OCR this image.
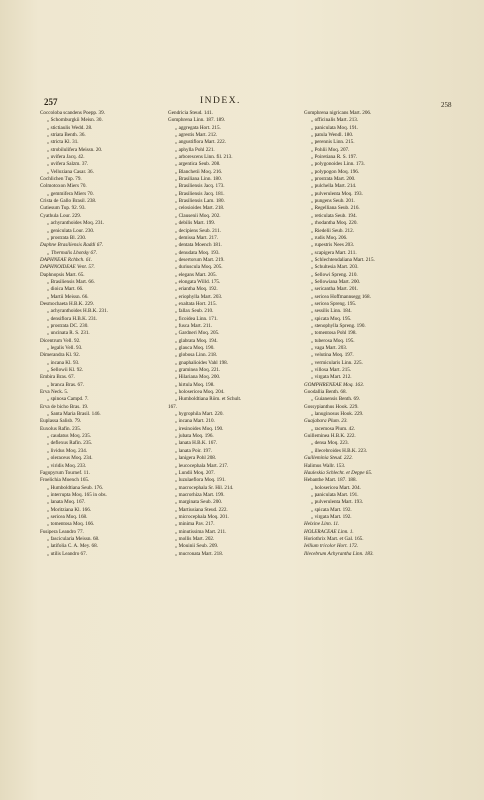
257	INDEX.	258
Coccoloba scandens Poepp. 39.
„ Schomburgkii Meisn. 30.
„ stictiaulis Wedd. 28.
„ striata Benth. 36.
„ stricta Kl. 31.
„ strobilulifera Meissn. 20.
„ uvifera Jacq. 42.
„ uvifera Salzm. 37.
„ Velloziana Casar. 36.
Cochlichen Tup. 79.
Colmotoxon Miers 70.
„ gemmifera Miers 70.
Crista de Gallo Brasil. 238.
Cutiesum Tup. 92. 93.
Cyathula Lour. 229.
„ achyranthoides Moq. 231.
„ geniculata Lour. 230.
„ prostrata Bl. 230.
Daphne Brasiliensis Raddi 67.
„ Thermalis Lhotsky 67.
DAPHNEAE Rchbch. 61.
DAPHNOIDEAE Vent. 57.
Daphnopsis Mart. 65.
„ Brasiliensis Mart. 66.
„ dioica Mart. 66.
„ Martii Meissn. 66.
Desmochaeta H.B.K. 229.
„ achyranthoides H.B.K. 231.
„ densiflora H.B.K. 231.
„ prostrata DC. 230.
„ uncinata R. S. 231.
Dicentrum Vell. 92.
„ legalis Vell. 93.
Dimerandra Kl. 92.
„ incana Kl. 93.
„ Sellowii Kl. 92.
Embira Bras. 67.
„ branca Bras. 67.
Erva Neck. 5.
„ spinosa Campd. 7.
Erva de bicho Bras. 19.
„ Santa Maria Brasil. 146.
Euplassa Salisb. 79.
Euxolus Rafin. 235.
„ caudatus Moq. 235.
„ deflexus Rafin. 235.
„ lividus Moq. 234.
„ oleraceus Moq. 234.
„ viridis Moq. 233.
Fagopyrum Tournef. 11.
Froelichia Moench 165.
„ Humboldtiana Seub. 176.
„ interrupta Moq. 165 in obs.
„ lanata Moq. 167.
„ Moritziana Kl. 166.
„ sericea Moq. 168.
„ tomentosa Moq. 166.
Fusipera Leandro 77.
„ fascicularia Meissn. 68.
„ latifolia C. A. Mey. 68.
„ utilis Leandro 67.
Gendricia Steud. 141.
Gomphrena Linn. 187. 189.
„ aggregata Hort. 215.
„ agrestis Mart. 212.
„ angustiflora Mart. 222.
„ aphylla Pohl 221.
„ arborescens Linn. fil. 213.
„ argentica Seub. 208.
„ Blanchetii Moq. 216.
„ Brasiliana Linn. 180.
„ Brasiliensis Jacq. 173.
„ Brasiliensis Jacq. 181.
„ Brasiliensis Lam. 180.
„ celosioides Mart. 218.
„ Clausenii Moq. 202.
„ debilis Mart. 199.
„ decipiens Seub. 211.
„ demissa Mart. 217.
„ dentata Moench 181.
„ denudata Moq. 193.
„ desertorum Mart. 219.
„ duriuscula Moq. 205.
„ elegans Mart. 205.
„ elongata Willd. 175.
„ eriantha Moq. 192.
„ eriophylla Mart. 203.
„ exaltata Hort. 215.
„ fallax Seub. 210.
„ ficoidea Linn. 171.
„ fusca Mart. 211.
„ Gardneri Moq. 205.
„ glabrata Moq. 194.
„ glauca Moq. 190.
„ globosa Linn. 218.
„ gnaphalioides Vahl 198.
„ graminea Moq. 221.
„ Hilariana Moq. 200.
„ hirtula Moq. 198.
„ holosericea Moq. 204.
„ Humboldtiana Röm. et Schult.
167.
„ hygrophila Mart. 220.
„ incana Mart. 210.
„ iresinoides Moq. 190.
„ jubata Moq. 196.
„ lanata H.B.K. 167.
„ lanata Poir. 197.
„ lanigera Pohl 208.
„ leucocephala Mart. 217.
„ Lundii Moq. 207.
„ luzulaeflora Moq. 191.
„ macrocephala Sr. Hil. 214.
„ macrorhiza Mart. 199.
„ marginata Seub. 200.
„ Martiusiana Steud. 222.
„ microcephala Moq. 201.
„ minima Pav. 217.
„ minutissima Mart. 211.
„ mollis Mart. 202.
„ Mouinii Seub. 209.
„ mucronata Mart. 218.
Gomphrena nigricans Mart. 206.
„ officinalis Mart. 213.
„ paniculata Moq. 191.
„ patula Wendl. 180.
„ perennis Linn. 215.
„ Pohlii Moq. 207.
„ Poiretiana R. S. 197.
„ polygonoides Linn. 173.
„ polypogon Moq. 196.
„ prostrata Mart. 200.
„ pulchella Mart. 214.
„ pulverulenta Moq. 193.
„ pungens Seub. 201.
„ Regelliana Seub. 216.
„ reticulata Seub. 194.
„ rhodantha Moq. 220.
„ Riedelii Seub. 212.
„ rudis Moq. 206.
„ rupestris Nees 203.
„ scapigera Mart. 211.
„ Schlechtendaliana Mart. 215.
„ Schultesia Mart. 203.
„ Sellowi Spreng. 210.
„ Sellowiana Mart. 200.
„ sericantha Mart. 201.
„ sericea Hoffmannsegg 168.
„ sericea Spreng. 195.
„ sessilis Linn. 184.
„ spicata Moq. 195.
„ stenophylla Spreng. 190.
„ tomentosa Pohl 198.
„ tuberosa Moq. 195.
„ vaga Mart. 203.
„ velutina Moq. 197.
„ vermicularis Linn. 225.
„ villosa Mart. 215.
„ virgata Mart. 212.
GOMPHRENEAE Moq. 163.
Goodallia Benth. 68.
„ Guianensis Benth. 69.
Gossypianthus Hook. 229.
„ lanuginosus Hook. 229.
Guajabara Plum. 23.
„ racemosa Plum. 42.
Guilleminea H.B.K. 222.
„ densa Moq. 223.
„ illecebroides H.B.K. 223.
Guilleminia Steud. 222.
Halimus Wallr. 153.
Hauleskia Schlecht. et Deppe 65.
Hebanthe Mart. 187. 188.
„ holosericea Mart. 204.
„ paniculata Mart. 191.
„ pulverulenta Mart. 193.
„ spicata Mart. 192.
„ virgata Mart. 192.
Helxine Linn. 11.
HOLERACEAE Linn. 1.
Horiothrix Mart. et Gal. 165.
Iellium tricolor Hort. 172.
Illecebrum Achyrantha Linn. 183.
